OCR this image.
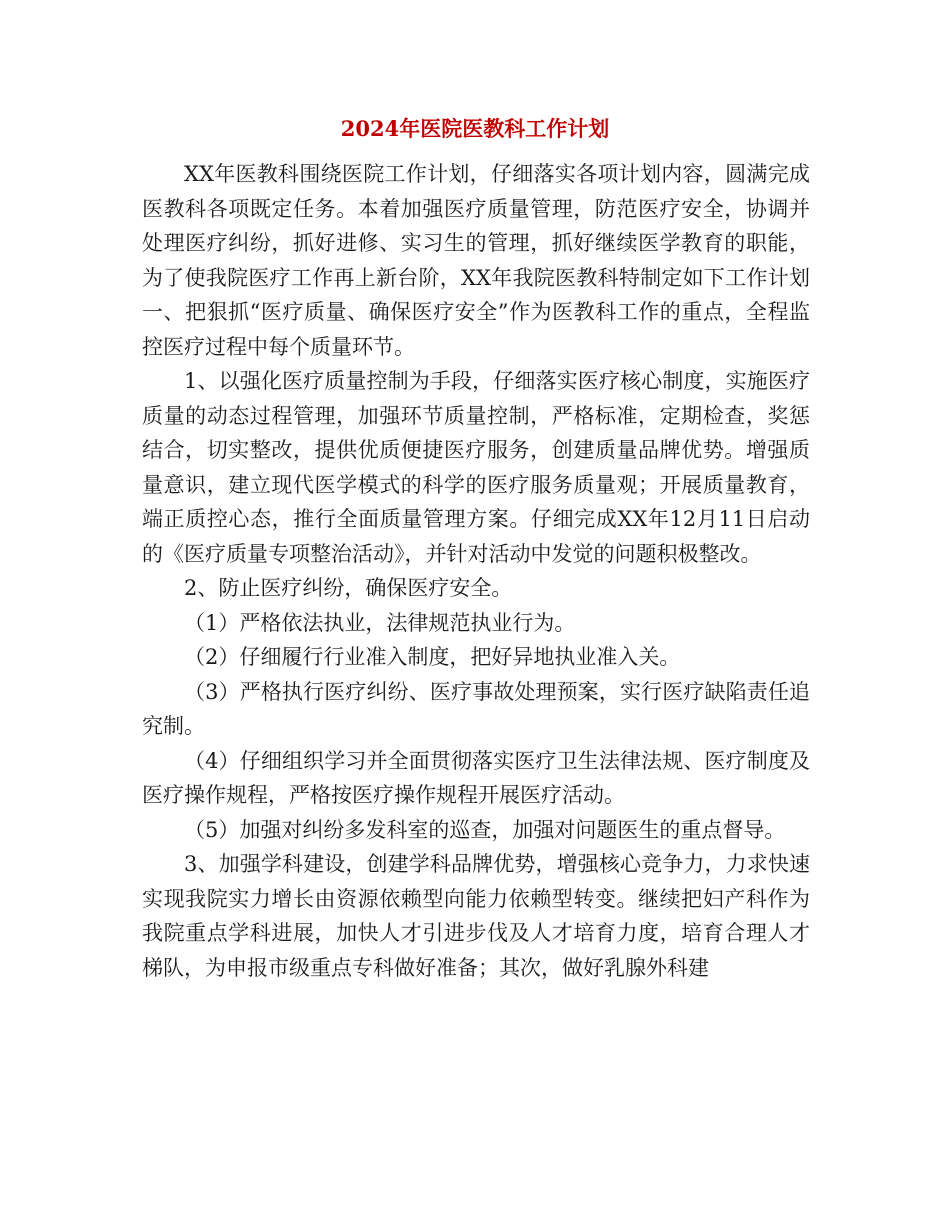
2024年医院医教科工作计划

XX年医教科围绕医院工作计划，仔细落实各项计划内容，圆满完成医教科各项既定任务。本着加强医疗质量管理，防范医疗安全，协调并处理医疗纠纷，抓好进修、实习生的管理，抓好继续医学教育的职能，为了使我院医疗工作再上新台阶，XX年我院医教科特制定如下工作计划一、把狠抓“医疗质量、确保医疗安全”作为医教科工作的重点，全程监控医疗过程中每个质量环节。

1、以强化医疗质量控制为手段，仔细落实医疗核心制度，实施医疗质量的动态过程管理，加强环节质量控制，严格标准，定期检查，奖惩结合，切实整改，提供优质便捷医疗服务，创建质量品牌优势。增强质量意识，建立现代医学模式的科学的医疗服务质量观；开展质量教育，端正质控心态，推行全面质量管理方案。仔细完成XX年12月11日启动的《医疗质量专项整治活动》，并针对活动中发觉的问题积极整改。

2、防止医疗纠纷，确保医疗安全。

（1）严格依法执业，法律规范执业行为。

（2）仔细履行行业准入制度，把好异地执业准入关。

（3）严格执行医疗纠纷、医疗事故处理预案，实行医疗缺陷责任追究制。

（4）仔细组织学习并全面贯彻落实医疗卫生法律法规、医疗制度及医疗操作规程，严格按医疗操作规程开展医疗活动。

（5）加强对纠纷多发科室的巡查，加强对问题医生的重点督导。

3、加强学科建设，创建学科品牌优势，增强核心竞争力，力求快速实现我院实力增长由资源依赖型向能力依赖型转变。继续把妇产科作为我院重点学科进展，加快人才引进步伐及人才培育力度，培育合理人才梯队，为申报市级重点专科做好准备；其次，做好乳腺外科建
